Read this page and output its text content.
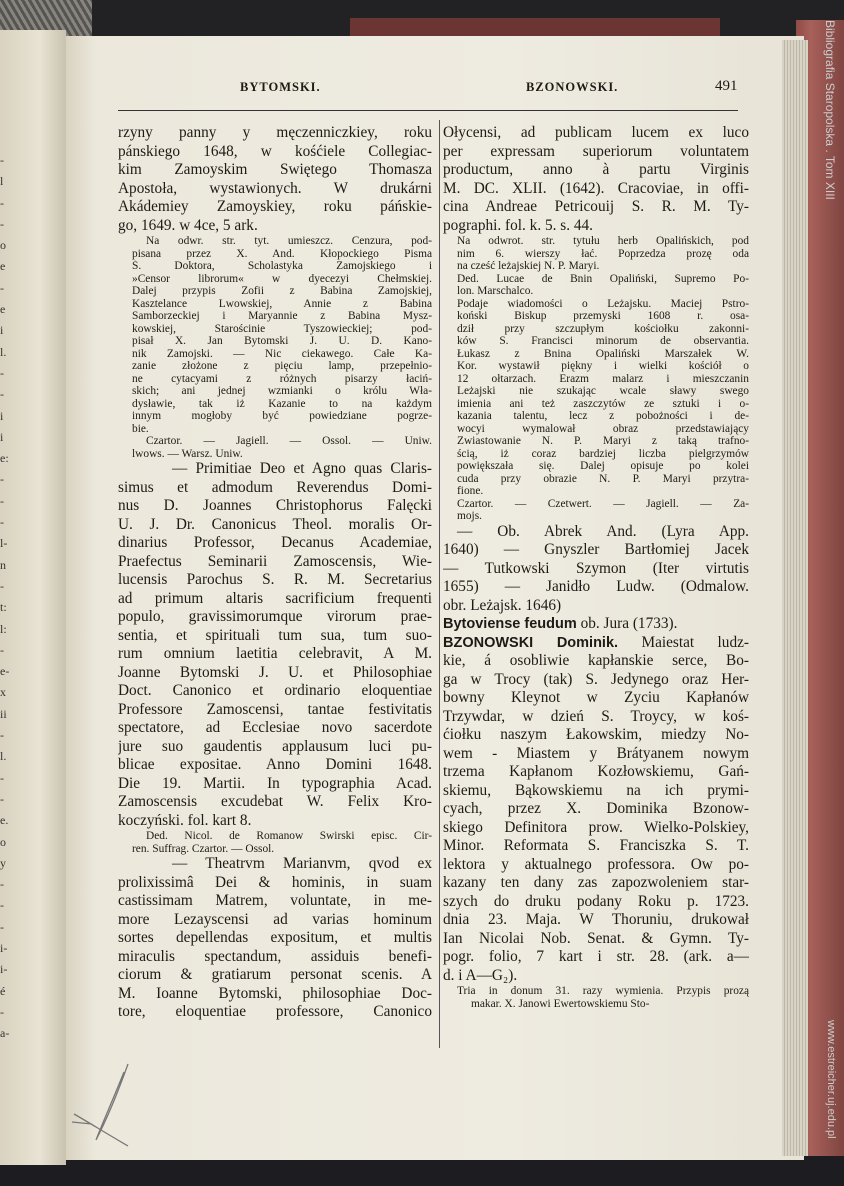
-
l
-
-
o
e
-
e
i
l.
-
-
i
i
e:
-
-
-
l-
n
-
t:
l:
-
e-
x
ii
-
l.
-
-
e.
o
y
-
-
-
i-
i-
é
-
a-
BYTOMSKI.	BZONOWSKI.	491
rzyny panny y męczenniczkiey, roku
pánskiego 1648, w kośćiele Collegiac-
kim Zamoyskim Swiętego Thomasza
Apostoła, wystawionych. W drukárni
Akádemiey Zamoyskiey, roku páńskie-
go, 1649. w 4ce, 5 ark.
Na odwr. str. tyt. umieszcz. Cenzura, pod-
pisana przez X. And. Kłopockiego Pisma
Ś. Doktora, Scholastyka Zamojskiego i
»Censor librorum« w dyecezyi Chełmskiej.
Dalej przypis Zofii z Babina Zamojskiej,
Kasztelance Lwowskiej, Annie z Babina
Samborzeckiej i Maryannie z Babina Mysz-
kowskiej, Starościnie Tyszowieckiej; pod-
pisał X. Jan Bytomski J. U. D. Kano-
nik Zamojski. — Nic ciekawego. Całe Ka-
zanie złożone z pięciu lamp, przepełnio-
ne cytacyami z różnych pisarzy łaciń-
skich; ani jednej wzmianki o królu Wła-
dysławie, tak iż Kazanie to na każdym
innym mogłoby być powiedziane pogrze-
bie.
Czartor. — Jagiell. — Ossol. — Uniw.
lwows. — Warsz. Uniw.
— Primitiae Deo et Agno quas Claris-
simus et admodum Reverendus Domi-
nus D. Joannes Christophorus Falęcki
U. J. Dr. Canonicus Theol. moralis Or-
dinarius Professor, Decanus Academiae,
Praefectus Seminarii Zamoscensis, Wie-
lucensis Parochus S. R. M. Secretarius
ad primum altaris sacrificium frequenti
populo, gravissimorumque virorum prae-
sentia, et spirituali tum sua, tum suo-
rum omnium laetitia celebravit, A M.
Joanne Bytomski J. U. et Philosophiae
Doct. Canonico et ordinario eloquentiae
Professore Zamoscensi, tantae festivitatis
spectatore, ad Ecclesiae novo sacerdote
jure suo gaudentis applausum luci pu-
blicae expositae. Anno Domini 1648.
Die 19. Martii. In typographia Acad.
Zamoscensis excudebat W. Felix Kro-
koczyński. fol. kart 8.
Ded. Nicol. de Romanow Swirski episc. Cir-
ren. Suffrag. Czartor. — Ossol.
— Theatrvm Marianvm, qvod ex
prolixissimâ Dei & hominis, in suam
castissimam Matrem, voluntate, in me-
more Lezayscensi ad varias hominum
sortes depellendas expositum, et multis
miraculis spectandum, assiduis benefi-
ciorum & gratiarum personat scenis. A
M. Ioanne Bytomski, philosophiae Doc-
tore, eloquentiae professore, Canonico
Ołycensi, ad publicam lucem ex luco
per expressam superiorum voluntatem
productum, anno à partu Virginis
M. DC. XLII. (1642). Cracoviae, in offi-
cina Andreae Petricouij S. R. M. Ty-
pographi. fol. k. 5. s. 44.
Na odwrot. str. tytułu herb Opalińskich, pod
nim 6. wierszy łać. Poprzedza prozę oda
na cześć leżajskiej N. P. Maryi.
Ded. Lucae de Bnin Opaliński, Supremo Po-
lon. Marschalco.
Podaje wiadomości o Leżajsku. Maciej Pstro-
koński Biskup przemyski 1608 r. osa-
dził przy szczupłym kościołku zakonni-
ków S. Francisci minorum de observantia.
Łukasz z Bnina Opaliński Marszałek W.
Kor. wystawił piękny i wielki kościół o
12 ołtarzach. Erazm malarz i mieszczanin
Leżajski nie szukając wcale sławy swego
imienia ani też zaszczytów ze sztuki i o-
kazania talentu, lecz z pobożności i de-
wocyi wymalował obraz przedstawiający
Zwiastowanie N. P. Maryi z taką trafno-
ścią, iż coraz bardziej liczba pielgrzymów
powiększała się. Dalej opisuje po kolei
cuda przy obrazie N. P. Maryi przytra-
fione.
Czartor. — Czetwert. — Jagiell. — Za-
mojs.
— Ob. Abrek And. (Lyra App.
1640) — Gnyszler Bartłomiej Jacek
— Tutkowski Szymon (Iter virtutis
1655) — Janidło Ludw. (Odmalow.
obr. Leżajsk. 1646)
Bytoviense feudum ob. Jura (1733).
BZONOWSKI Dominik. Maiestat ludz-
kie, á osobliwie kapłanskie serce, Bo-
ga w Trocy (tak) S. Jedynego oraz Her-
bowny Kleynot w Zyciu Kapłanów
Trzywdar, w dzień S. Troycy, w koś-
ćiołku naszym Łakowskim, miedzy No-
wem - Miastem y Brátyanem nowym
trzema Kapłanom Kozłowskiemu, Gań-
skiemu, Bąkowskiemu na ich prymi-
cyach, przez X. Dominika Bzonow-
skiego Definitora prow. Wielko-Polskiey,
Minor. Reformata S. Franciszka S. T.
lektora y aktualnego professora. Ow po-
kazany ten dany zas zapozwoleniem star-
szych do druku podany Roku p. 1723.
dnia 23. Maja. W Thoruniu, drukował
Ian Nicolai Nob. Senat. & Gymn. Ty-
pogr. folio, 7 kart i str. 28. (ark. a—
d. i A—G₂).
Tria in donum 31. razy wymienia. Przypis prozą
makar. X. Janowi Ewertowskiemu Sto-
Bibliografia Staropolska . Tom XIII
www.estreicher.uj.edu.pl
